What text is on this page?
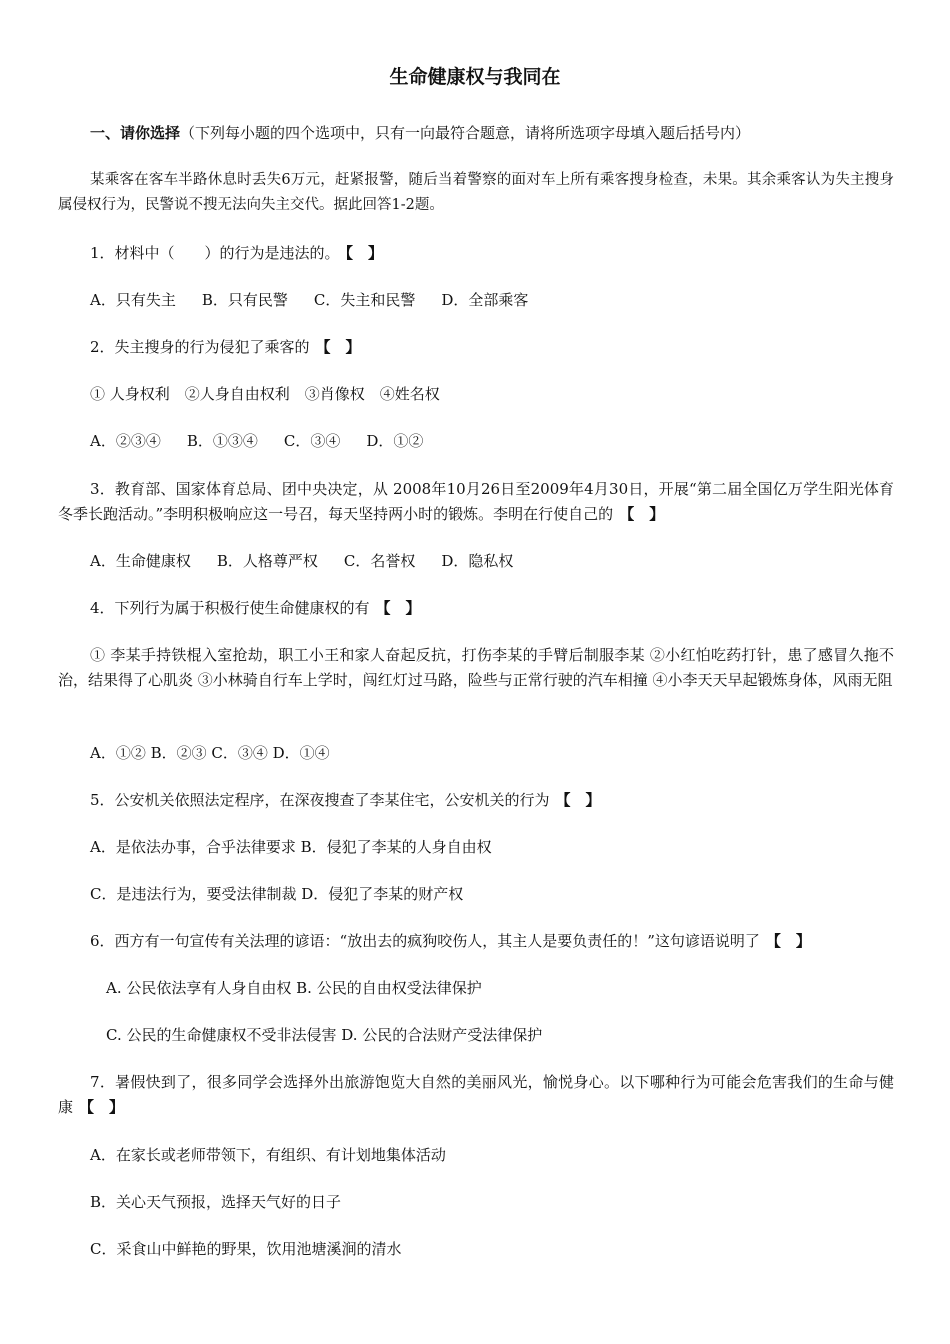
生命健康权与我同在
一、请你选择（下列每小题的四个选项中，只有一向最符合题意，请将所选项字母填入题后括号内）
某乘客在客车半路休息时丢失6万元，赶紧报警，随后当着警察的面对车上所有乘客搜身检查，未果。其余乘客认为失主搜身属侵权行为，民警说不搜无法向失主交代。据此回答1-2题。
1．材料中（　　）的行为是违法的。 【　】
A．只有失主 B．只有民警 C．失主和民警 D．全部乘客
2．失主搜身的行为侵犯了乘客的 【　】
① 人身权利　②人身自由权利　③肖像权　④姓名权
A．②③④ B．①③④ C．③④ D．①②
3．教育部、国家体育总局、团中央决定，从 2008年10月26日至2009年4月30日，开展“第二届全国亿万学生阳光体育冬季长跑活动。”李明积极响应这一号召，每天坚持两小时的锻炼。李明在行使自己的 【　】
A．生命健康权 B．人格尊严权 C．名誉权 D．隐私权
4．下列行为属于积极行使生命健康权的有 【　】
① 李某手持铁棍入室抢劫，职工小王和家人奋起反抗，打伤李某的手臂后制服李某 ②小红怕吃药打针，患了感冒久拖不治，结果得了心肌炎 ③小林骑自行车上学时，闯红灯过马路，险些与正常行驶的汽车相撞 ④小李天天早起锻炼身体，风雨无阻
A．①② B．②③ C．③④ D．①④
5．公安机关依照法定程序，在深夜搜查了李某住宅，公安机关的行为 【　】
A．是依法办事，合乎法律要求 B．侵犯了李某的人身自由权
C．是违法行为，要受法律制裁 D．侵犯了李某的财产权
6．西方有一句宣传有关法理的谚语：“放出去的疯狗咬伤人，其主人是要负责任的！”这句谚语说明了 【　】
A. 公民依法享有人身自由权 B. 公民的自由权受法律保护
C. 公民的生命健康权不受非法侵害 D. 公民的合法财产受法律保护
7．暑假快到了，很多同学会选择外出旅游饱览大自然的美丽风光，愉悦身心。以下哪种行为可能会危害我们的生命与健康 【　】
A．在家长或老师带领下，有组织、有计划地集体活动
B．关心天气预报，选择天气好的日子
C．采食山中鲜艳的野果，饮用池塘溪涧的清水
